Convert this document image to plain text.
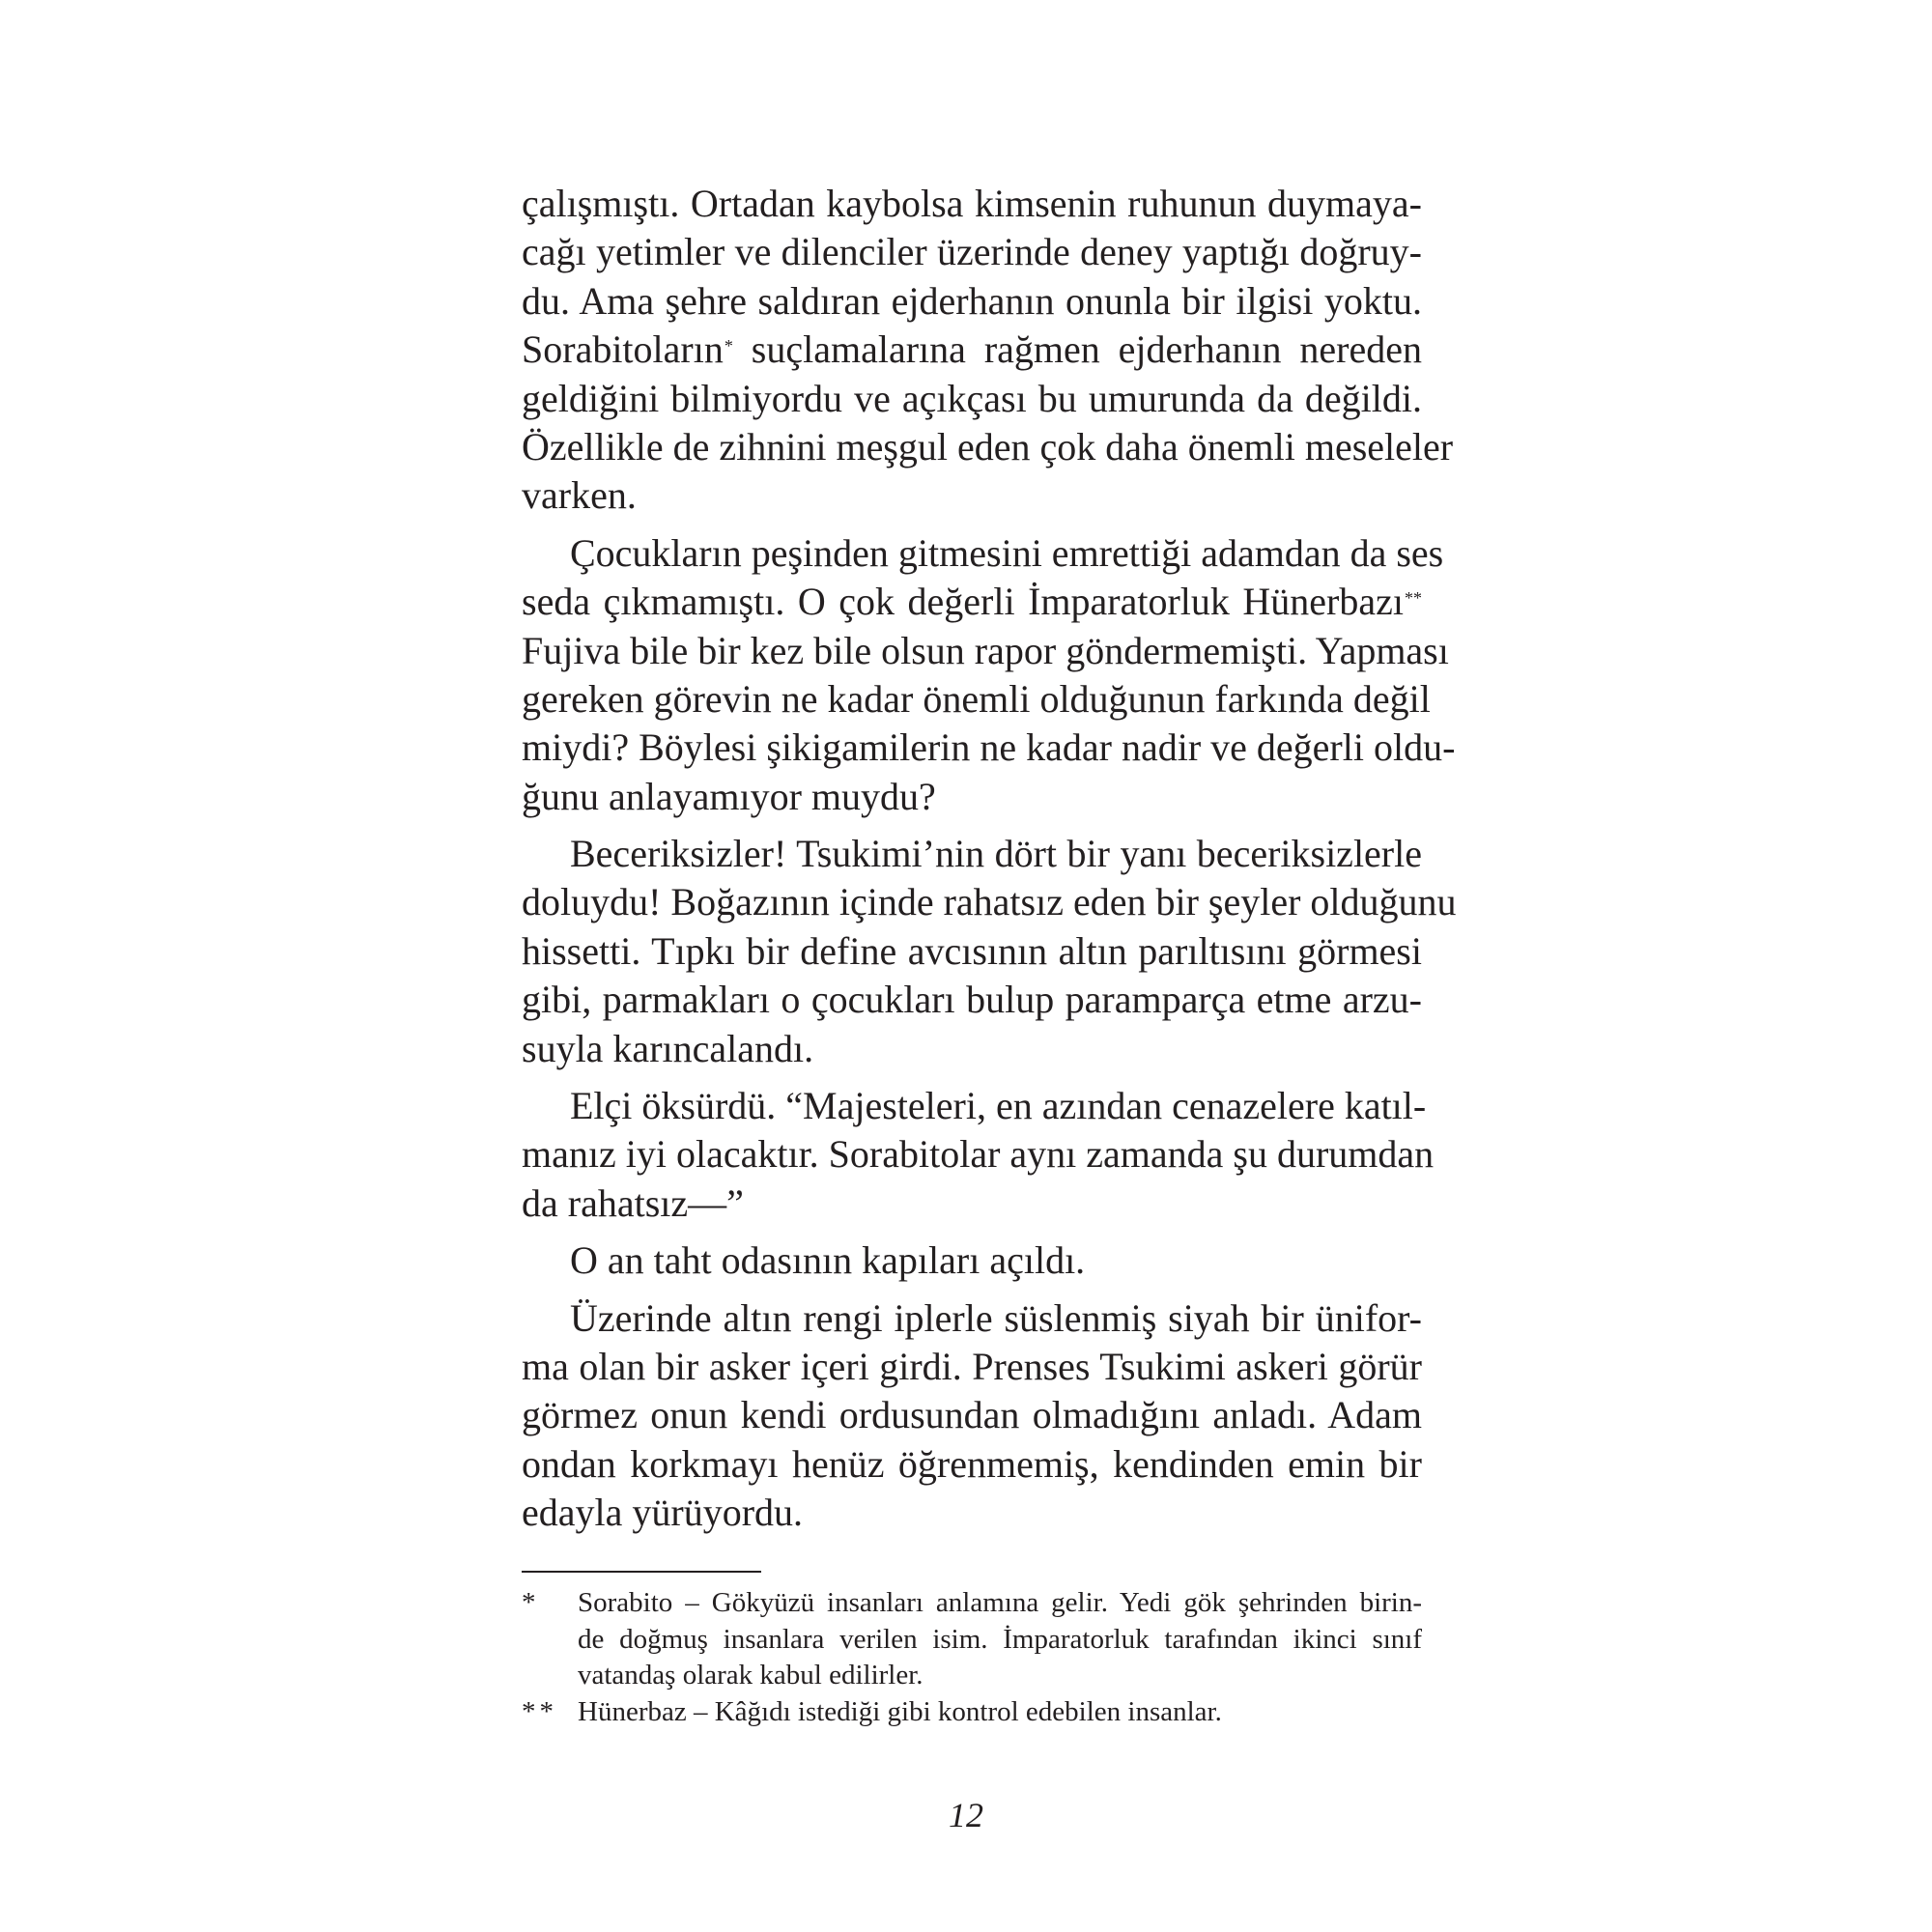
çalışmıştı. Ortadan kaybolsa kimsenin ruhunun duymaya-
cağı yetimler ve dilenciler üzerinde deney yaptığı doğruy-
du. Ama şehre saldıran ejderhanın onunla bir ilgisi yoktu.
Sorabitoların* suçlamalarına rağmen ejderhanın nereden
geldiğini bilmiyordu ve açıkçası bu umurunda da değildi.
Özellikle de zihnini meşgul eden çok daha önemli meseleler
varken.
Çocukların peşinden gitmesini emrettiği adamdan da ses
seda çıkmamıştı. O çok değerli İmparatorluk Hünerbazı**
Fujiva bile bir kez bile olsun rapor göndermemişti. Yapması
gereken görevin ne kadar önemli olduğunun farkında değil
miydi? Böylesi şikigamilerin ne kadar nadir ve değerli oldu-
ğunu anlayamıyor muydu?
Beceriksizler! Tsukimi’nin dört bir yanı beceriksizlerle
doluydu! Boğazının içinde rahatsız eden bir şeyler olduğunu
hissetti. Tıpkı bir define avcısının altın parıltısını görmesi
gibi, parmakları o çocukları bulup paramparça etme arzu-
suyla karıncalandı.
Elçi öksürdü. “Majesteleri, en azından cenazelere katıl-
manız iyi olacaktır. Sorabitolar aynı zamanda şu durumdan
da rahatsız—”
O an taht odasının kapıları açıldı.
Üzerinde altın rengi iplerle süslenmiş siyah bir ünifor-
ma olan bir asker içeri girdi. Prenses Tsukimi askeri görür
görmez onun kendi ordusundan olmadığını anladı. Adam
ondan korkmayı henüz öğrenmemiş, kendinden emin bir
edayla yürüyordu.
* Sorabito – Gökyüzü insanları anlamına gelir. Yedi gök şehrinden birin-
de doğmuş insanlara verilen isim. İmparatorluk tarafından ikinci sınıf
vatandaş olarak kabul edilirler.
** Hünerbaz – Kâğıdı istediği gibi kontrol edebilen insanlar.
12
